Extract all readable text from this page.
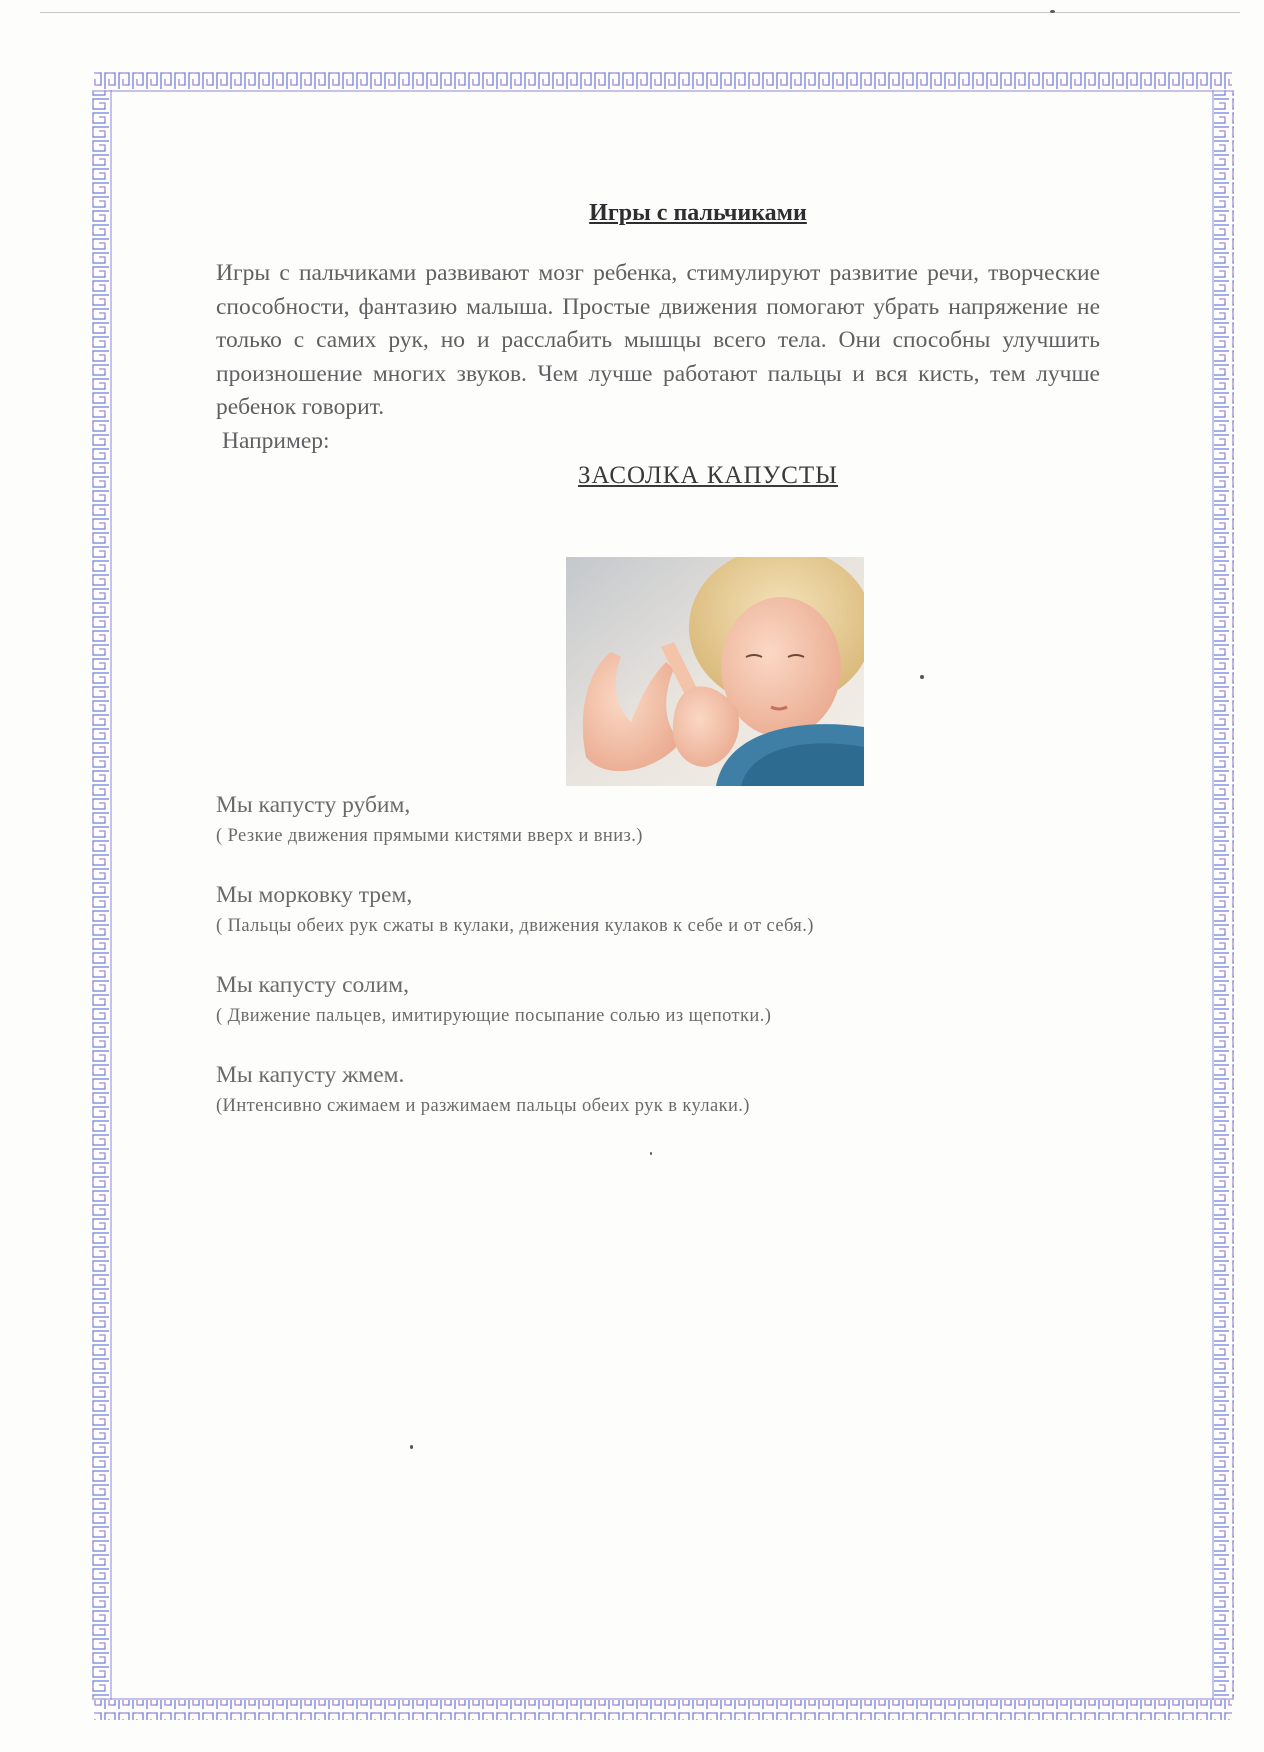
Игры с пальчиками

Игры с пальчиками развивают мозг ребенка, стимулируют развитие речи, творческие способности, фантазию малыша. Простые движения помогают убрать напряжение не только с самих рук, но и расслабить мышцы всего тела. Они способны улучшить произношение многих звуков. Чем лучше работают пальцы и вся кисть, тем лучше ребенок говорит.

Например:

ЗАСОЛКА КАПУСТЫ

Мы капусту рубим,

( Резкие движения прямыми кистями вверх и вниз.)

Мы морковку трем,

( Пальцы обеих рук сжаты в кулаки, движения кулаков к себе и от себя.)

Мы капусту солим,

( Движение пальцев, имитирующие посыпание солью из щепотки.)

Мы капусту жмем.

(Интенсивно сжимаем и разжимаем пальцы обеих рук в кулаки.)
